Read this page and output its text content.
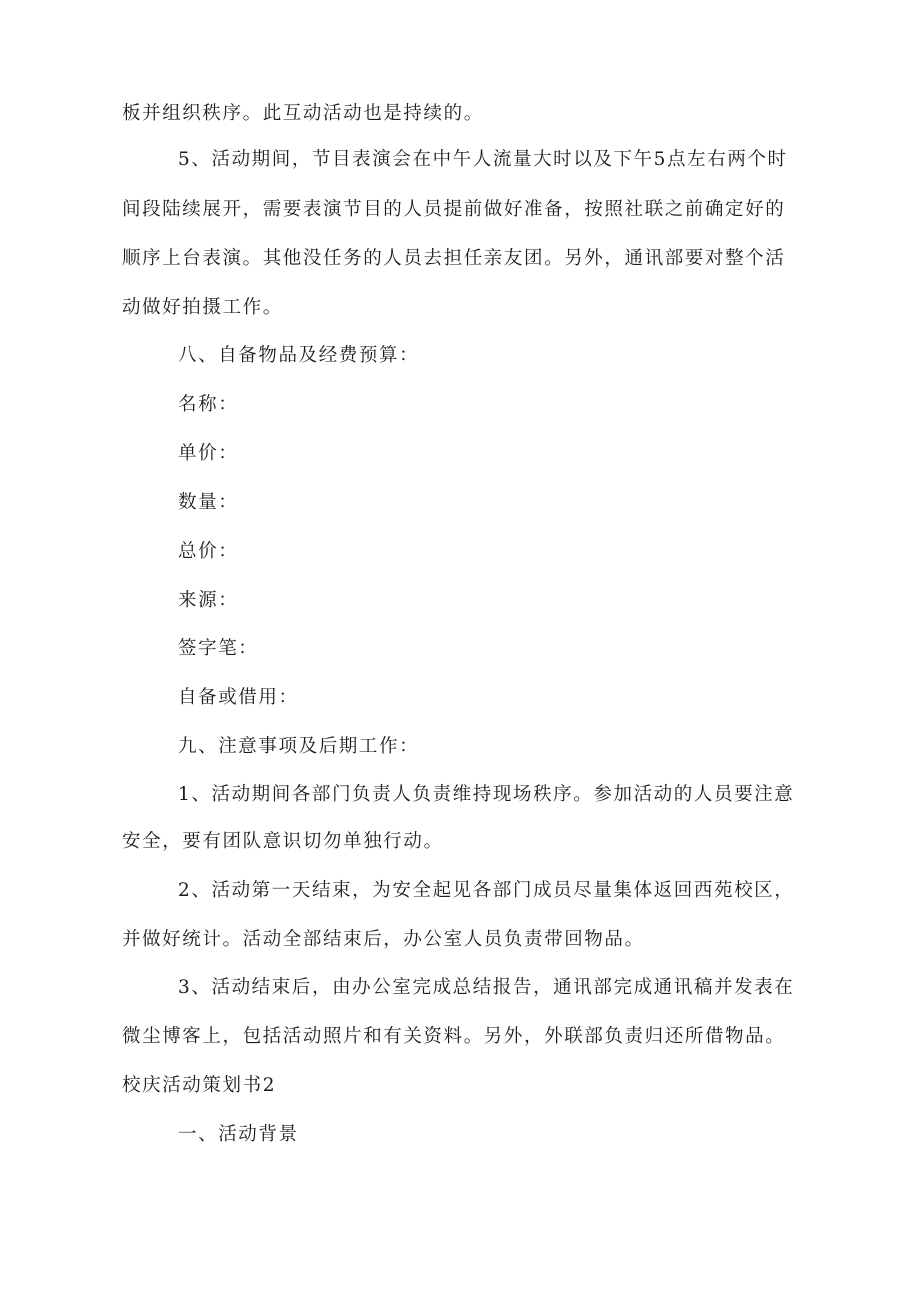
板并组织秩序。此互动活动也是持续的。
5、活动期间，节目表演会在中午人流量大时以及下午5点左右两个时
间段陆续展开，需要表演节目的人员提前做好准备，按照社联之前确定好的
顺序上台表演。其他没任务的人员去担任亲友团。另外，通讯部要对整个活
动做好拍摄工作。
八、自备物品及经费预算：
名称：
单价：
数量：
总价：
来源：
签字笔：
自备或借用：
九、注意事项及后期工作：
1、活动期间各部门负责人负责维持现场秩序。参加活动的人员要注意
安全，要有团队意识切勿单独行动。
2、活动第一天结束，为安全起见各部门成员尽量集体返回西苑校区，
并做好统计。活动全部结束后，办公室人员负责带回物品。
3、活动结束后，由办公室完成总结报告，通讯部完成通讯稿并发表在
微尘博客上，包括活动照片和有关资料。另外，外联部负责归还所借物品。
校庆活动策划书2
一、活动背景
